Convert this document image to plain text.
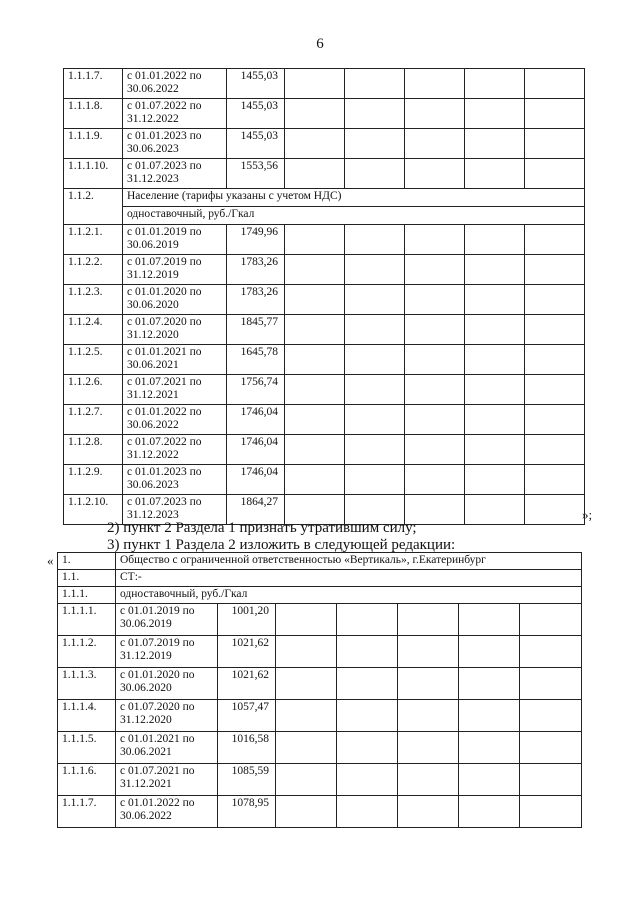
6
1.1.1.7.	с 01.01.2022 по
30.06.2022	1455,03					
1.1.1.8.	с 01.07.2022 по
31.12.2022	1455,03					
1.1.1.9.	с 01.01.2023 по
30.06.2023	1455,03					
1.1.1.10.	с 01.07.2023 по
31.12.2023	1553,56					
1.1.2.	Население (тарифы указаны с учетом НДС)						
	одноставочный, руб./Гкал						
1.1.2.1.	с 01.01.2019 по
30.06.2019	1749,96					
1.1.2.2.	с 01.07.2019 по
31.12.2019	1783,26					
1.1.2.3.	с 01.01.2020 по
30.06.2020	1783,26					
1.1.2.4.	с 01.07.2020 по
31.12.2020	1845,77					
1.1.2.5.	с 01.01.2021 по
30.06.2021	1645,78					
1.1.2.6.	с 01.07.2021 по
31.12.2021	1756,74					
1.1.2.7.	с 01.01.2022 по
30.06.2022	1746,04					
1.1.2.8.	с 01.07.2022 по
31.12.2022	1746,04					
1.1.2.9.	с 01.01.2023 по
30.06.2023	1746,04					
1.1.2.10.	с 01.07.2023 по
31.12.2023	1864,27					
»;
2) пункт 2 Раздела 1 признать утратившим силу;
3) пункт 1 Раздела 2 изложить в следующей редакции:
« 1.	Общество с ограниченной ответственностью «Вертикаль», г.Екатеринбург						
1.1.	СТ:-						
1.1.1.	одноставочный, руб./Гкал						
1.1.1.1.	с 01.01.2019 по
30.06.2019	1001,20					
1.1.1.2.	с 01.07.2019 по
31.12.2019	1021,62					
1.1.1.3.	с 01.01.2020 по
30.06.2020	1021,62					
1.1.1.4.	с 01.07.2020 по
31.12.2020	1057,47					
1.1.1.5.	с 01.01.2021 по
30.06.2021	1016,58					
1.1.1.6.	с 01.07.2021 по
31.12.2021	1085,59					
1.1.1.7.	с 01.01.2022 по
30.06.2022	1078,95					
